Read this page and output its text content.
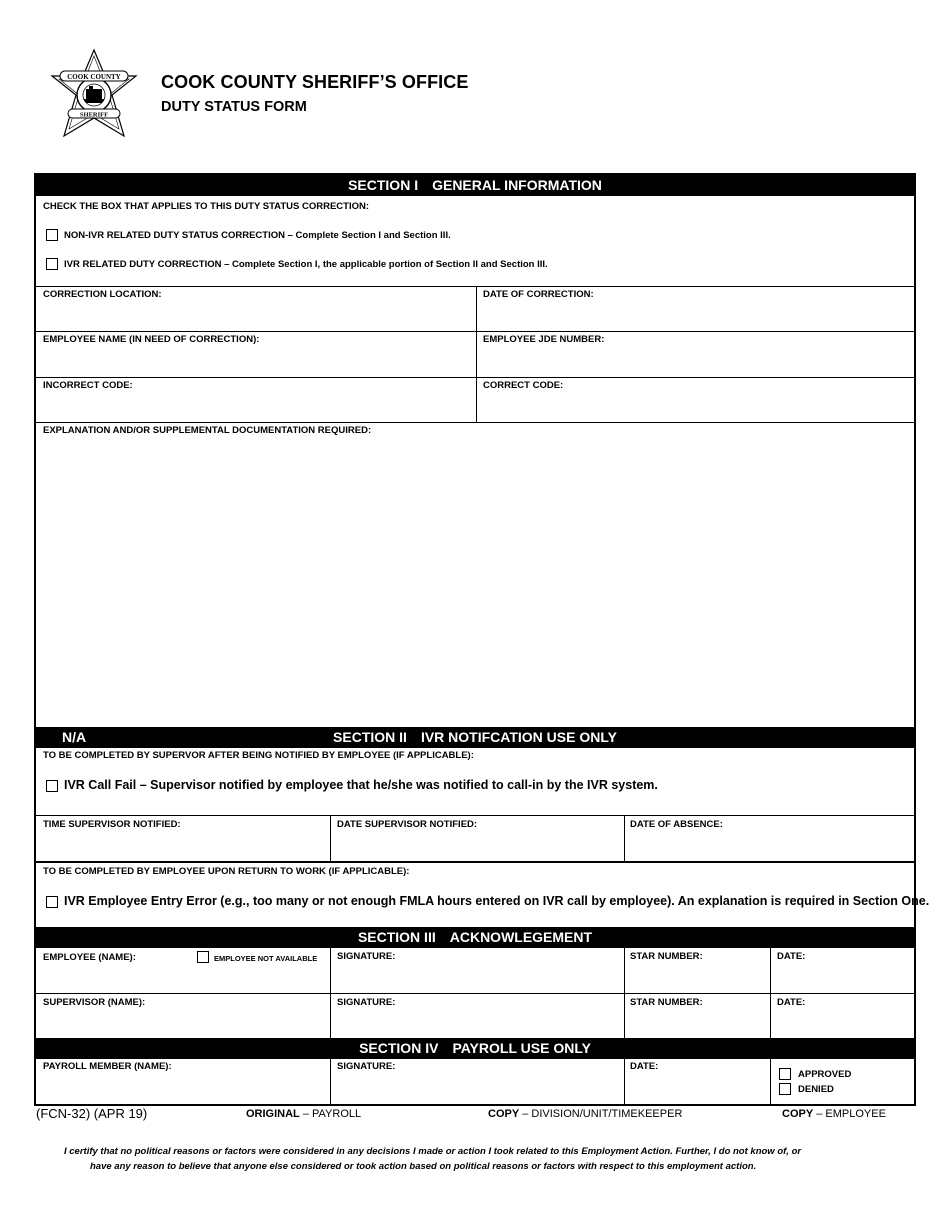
COOK COUNTY
SHERIFF
COOK COUNTY SHERIFF’S OFFICE
DUTY STATUS FORM
SECTION I GENERAL INFORMATION
CHECK THE BOX THAT APPLIES TO THIS DUTY STATUS CORRECTION:
NON-IVR RELATED DUTY STATUS CORRECTION – Complete Section I and Section III.
IVR RELATED DUTY CORRECTION – Complete Section I, the applicable portion of Section II and Section III.
CORRECTION LOCATION:	DATE OF CORRECTION:
EMPLOYEE NAME (IN NEED OF CORRECTION):	EMPLOYEE JDE NUMBER:
INCORRECT CODE:	CORRECT CODE:
EXPLANATION AND/OR SUPPLEMENTAL DOCUMENTATION REQUIRED:
N/A	SECTION II IVR NOTIFCATION USE ONLY
TO BE COMPLETED BY SUPERVOR AFTER BEING NOTIFIED BY EMPLOYEE (IF APPLICABLE):
IVR Call Fail – Supervisor notified by employee that he/she was notified to call-in by the IVR system.
TIME SUPERVISOR NOTIFIED:	DATE SUPERVISOR NOTIFIED:	DATE OF ABSENCE:
TO BE COMPLETED BY EMPLOYEE UPON RETURN TO WORK (IF APPLICABLE):
IVR Employee Entry Error (e.g., too many or not enough FMLA hours entered on IVR call by employee). An explanation is required in Section One.
SECTION III ACKNOWLEGEMENT
EMPLOYEE (NAME):	EMPLOYEE NOT AVAILABLE SIGNATURE:	STAR NUMBER:	DATE:
SUPERVISOR (NAME):	SIGNATURE:	STAR NUMBER:	DATE:
SECTION IV PAYROLL USE ONLY
PAYROLL MEMBER (NAME):	SIGNATURE:	DATE:
APPROVED
DENIED
(FCN-32) (APR 19)	ORIGINAL – PAYROLL	COPY – DIVISION/UNIT/TIMEKEEPER	COPY – EMPLOYEE
I certify that no political reasons or factors were considered in any decisions I made or action I took related to this Employment Action. Further, I do not know of, or
have any reason to believe that anyone else considered or took action based on political reasons or factors with respect to this employment action.
